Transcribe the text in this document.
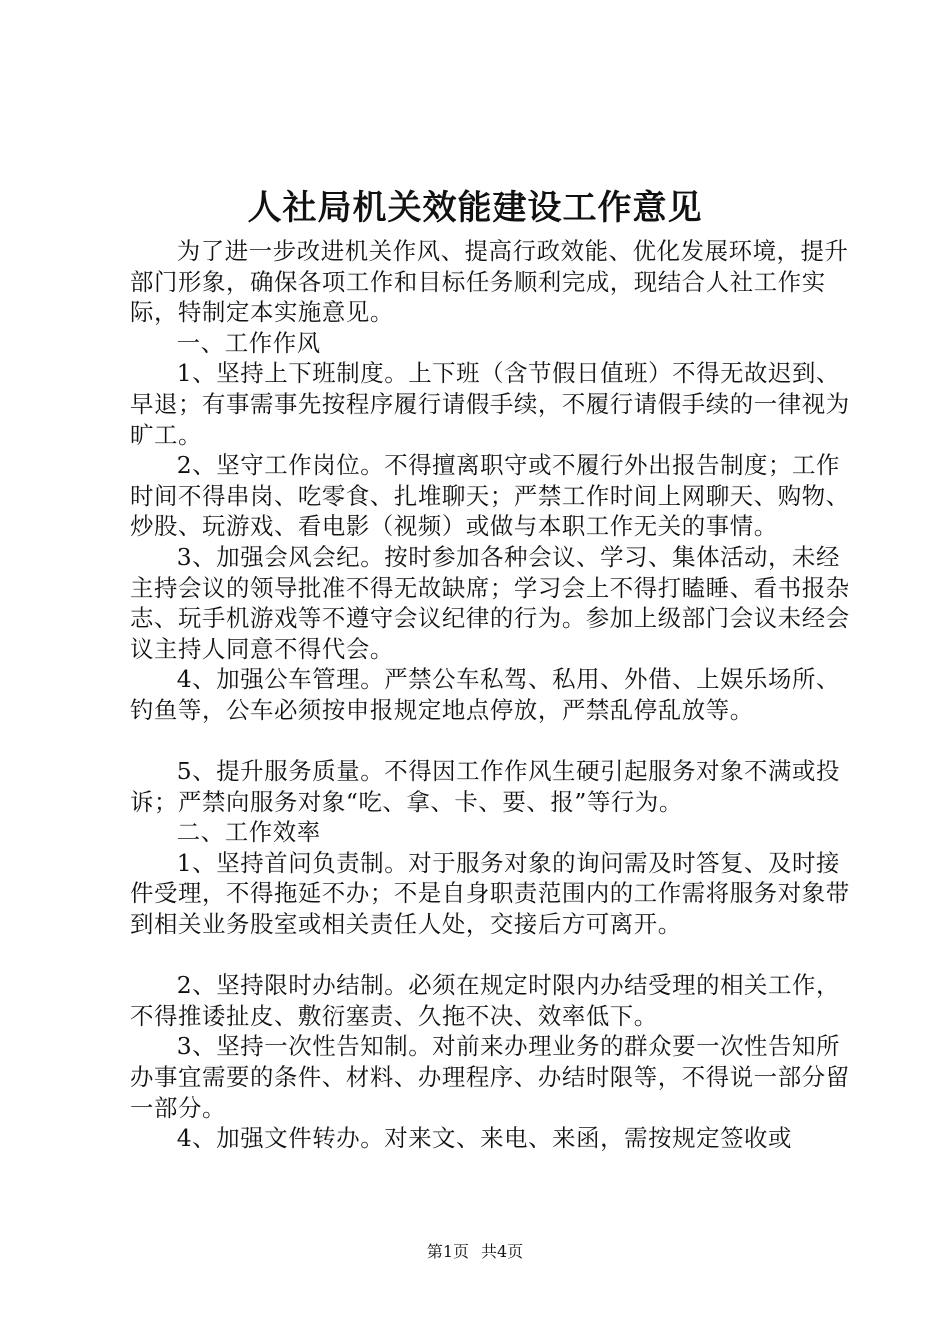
人社局机关效能建设工作意见

为了进一步改进机关作风、提高行政效能、优化发展环境，提升部门形象，确保各项工作和目标任务顺利完成，现结合人社工作实际，特制定本实施意见。

一、工作作风

1、坚持上下班制度。上下班（含节假日值班）不得无故迟到、早退；有事需事先按程序履行请假手续，不履行请假手续的一律视为旷工。

2、坚守工作岗位。不得擅离职守或不履行外出报告制度；工作时间不得串岗、吃零食、扎堆聊天；严禁工作时间上网聊天、购物、炒股、玩游戏、看电影（视频）或做与本职工作无关的事情。

3、加强会风会纪。按时参加各种会议、学习、集体活动，未经主持会议的领导批准不得无故缺席；学习会上不得打瞌睡、看书报杂志、玩手机游戏等不遵守会议纪律的行为。参加上级部门会议未经会议主持人同意不得代会。

4、加强公车管理。严禁公车私驾、私用、外借、上娱乐场所、钓鱼等，公车必须按申报规定地点停放，严禁乱停乱放等。

5、提升服务质量。不得因工作作风生硬引起服务对象不满或投诉；严禁向服务对象“吃、拿、卡、要、报”等行为。

二、工作效率

1、坚持首问负责制。对于服务对象的询问需及时答复、及时接件受理，不得拖延不办；不是自身职责范围内的工作需将服务对象带到相关业务股室或相关责任人处，交接后方可离开。

2、坚持限时办结制。必须在规定时限内办结受理的相关工作，不得推诿扯皮、敷衍塞责、久拖不决、效率低下。

3、坚持一次性告知制。对前来办理业务的群众要一次性告知所办事宜需要的条件、材料、办理程序、办结时限等，不得说一部分留一部分。

4、加强文件转办。对来文、来电、来函，需按规定签收或

第1页 共4页
